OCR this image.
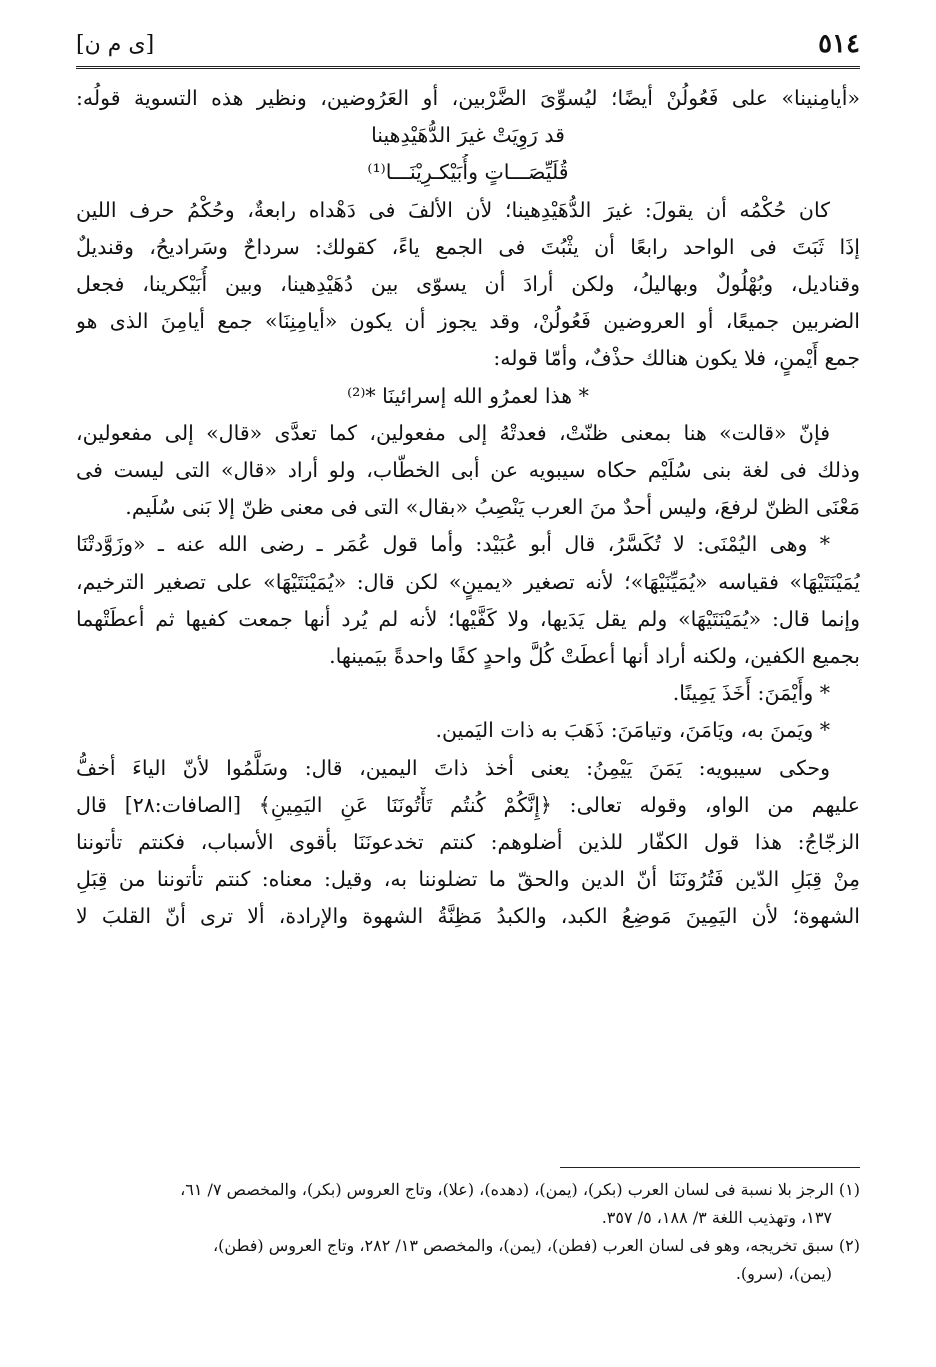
٥١٤
[ى م ن]
«أيامِنينا» على فَعُولُنْ أيضًا؛ ليُسوِّىَ الضَّرْبين، أو العَرُوضين، ونظير هذه التسوية قولُه:
قد رَوِيَتْ غيرَ الدُّهَيْدِهينا
قُلَيِّصَـــاتٍ وأُبَيْكـرِيْنَـــا⁽¹⁾
كان حُكْمُه أن يقولَ: غيرَ الدُّهَيْدِهينا؛ لأن الألفَ فى دَهْداه رابعةٌ، وحُكْمُ حرف اللين
إذَا ثَبَتَ فى الواحد رابعًا أن يثْبُتَ فى الجمع ياءً، كقولك: سرداحٌ وسَراديحُ، وقنديلٌ
وقناديل، وبُهْلُولٌ وبهاليلُ، ولكن أرادَ أن يسوّى بين دُهَيْدِهينا، وبين أُبَيْكرينا، فجعل
الضربين جميعًا، أو العروضين فَعُولُنْ، وقد يجوز أن يكون «أيامِنِنَا» جمع أيامِنَ الذى هو
جمع أَيْمنٍ، فلا يكون هنالك حذْفٌ، وأمّا قوله:
* هذا لعمرُو الله إسرائينَا *⁽²⁾
فإنّ «قالت» هنا بمعنى ظنّتْ، فعدتْهُ إلى مفعولين، كما تعدَّى «قال» إلى مفعولين،
وذلك فى لغة بنى سُلَيْم حكاه سيبويه عن أبى الخطّاب، ولو أراد «قال» التى ليست فى
مَعْنَى الظنّ لرفعَ، وليس أحدٌ منَ العرب يَنْصِبُ «بقال» التى فى معنى ظنّ إلا بَنى سُلَيم.
* وهى اليُمْنَى: لا تُكَسَّرُ، قال أبو عُبَيْد: وأما قول عُمَر ـ رضى الله عنه ـ «وزَوَّدتْنَا
يُمَيْنَتَيْهَا» فقياسه «يُمَيِّنَيْهَا»؛ لأنه تصغير «يمينٍ» لكن قال: «يُمَيْنَتَيْهَا» على تصغير الترخيم،
وإنما قال: «يُمَيْنَتَيْهَا» ولم يقل يَدَيها، ولا كَفَّيْها؛ لأنه لم يُرد أنها جمعت كفيها ثم أعطَتْهما
بجميع الكفين، ولكنه أراد أنها أعطَتْ كُلَّ واحدٍ كفًا واحدةً بيَمينها.
* وأَيْمَنَ: أَخَذَ يَمِينًا.
* ويَمنَ به، ويَامَنَ، وتيامَنَ: ذَهَبَ به ذات اليَمين.
وحكى سيبويه: يَمَنَ يَيْمِنُ: يعنى أخذ ذاتَ اليمين، قال: وسَلَّمُوا لأنّ الياءَ أخفُّ
عليهم من الواو، وقوله تعالى: ﴿إِنَّكُمْ كُنتُم تَأْتُونَنَا عَنِ اليَمِينِ﴾ [الصافات:٢٨] قال
الزجّاجُ: هذا قول الكفّار للذين أضلوهم: كنتم تخدعونَنَا بأقوى الأسباب، فكنتم تأتوننا
مِنْ قِبَلِ الدّين فَتُرُونَنَا أنّ الدين والحقّ ما تضلوننا به، وقيل: معناه: كنتم تأتوننا من قِبَلِ
الشهوة؛ لأن اليَمِينَ مَوضِعُ الكبد، والكبدُ مَظِنَّةُ الشهوة والإرادة، ألا ترى أنّ القلبَ لا
(١) الرجز بلا نسبة فى لسان العرب (بكر)، (يمن)، (دهده)، (علا)، وتاج العروس (بكر)، والمخصص ٧/ ٦١،
١٣٧، وتهذيب اللغة ٣/ ١٨٨، ٥/ ٣٥٧.
(٢) سبق تخريجه، وهو فى لسان العرب (فطن)، (يمن)، والمخصص ١٣/ ٢٨٢، وتاج العروس (فطن)،
(يمن)، (سرو).
